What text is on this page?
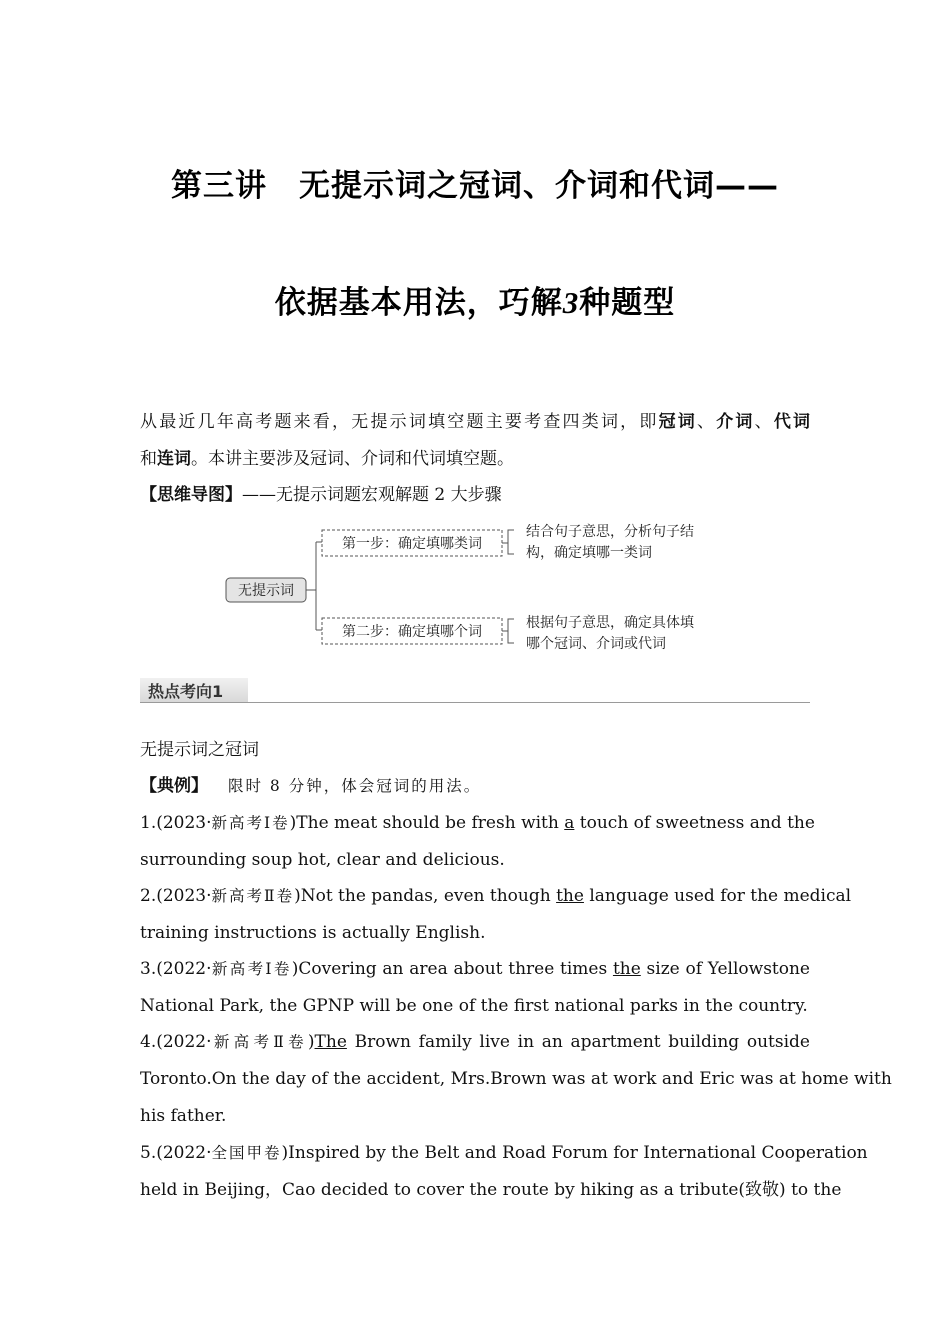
第三讲　无提示词之冠词、介词和代词——
依据基本用法，巧解3种题型
从最近几年高考题来看，无提示词填空题主要考查四类词，即冠词、介词、代词
和连词。本讲主要涉及冠词、介词和代词填空题。
【思维导图】——无提示词题宏观解题 2 大步骤
无提示词
第一步：确定填哪类词
第二步：确定填哪个词
结合句子意思，分析句子结
构，确定填哪一类词
根据句子意思，确定具体填
哪个冠词、介词或代词
热点考向1
无提示词之冠词
【典例】 限时 8 分钟，体会冠词的用法。
1.(2023·新高考Ⅰ卷)The meat should be fresh with a touch of sweetness and the
surrounding soup hot, clear and delicious.
2.(2023·新高考Ⅱ卷)Not the pandas, even though the language used for the medical
training instructions is actually English.
3.(2022·新高考Ⅰ卷)Covering an area about three times the size of Yellowstone
National Park, the GPNP will be one of the first national parks in the country.
4.(2022·新高考Ⅱ卷)The Brown family live in an apartment building outside
Toronto.On the day of the accident, Mrs.Brown was at work and Eric was at home with
his father.
5.(2022·全国甲卷)Inspired by the Belt and Road Forum for International Cooperation
held in Beijing，Cao decided to cover the route by hiking as a tribute(致敬) to the
